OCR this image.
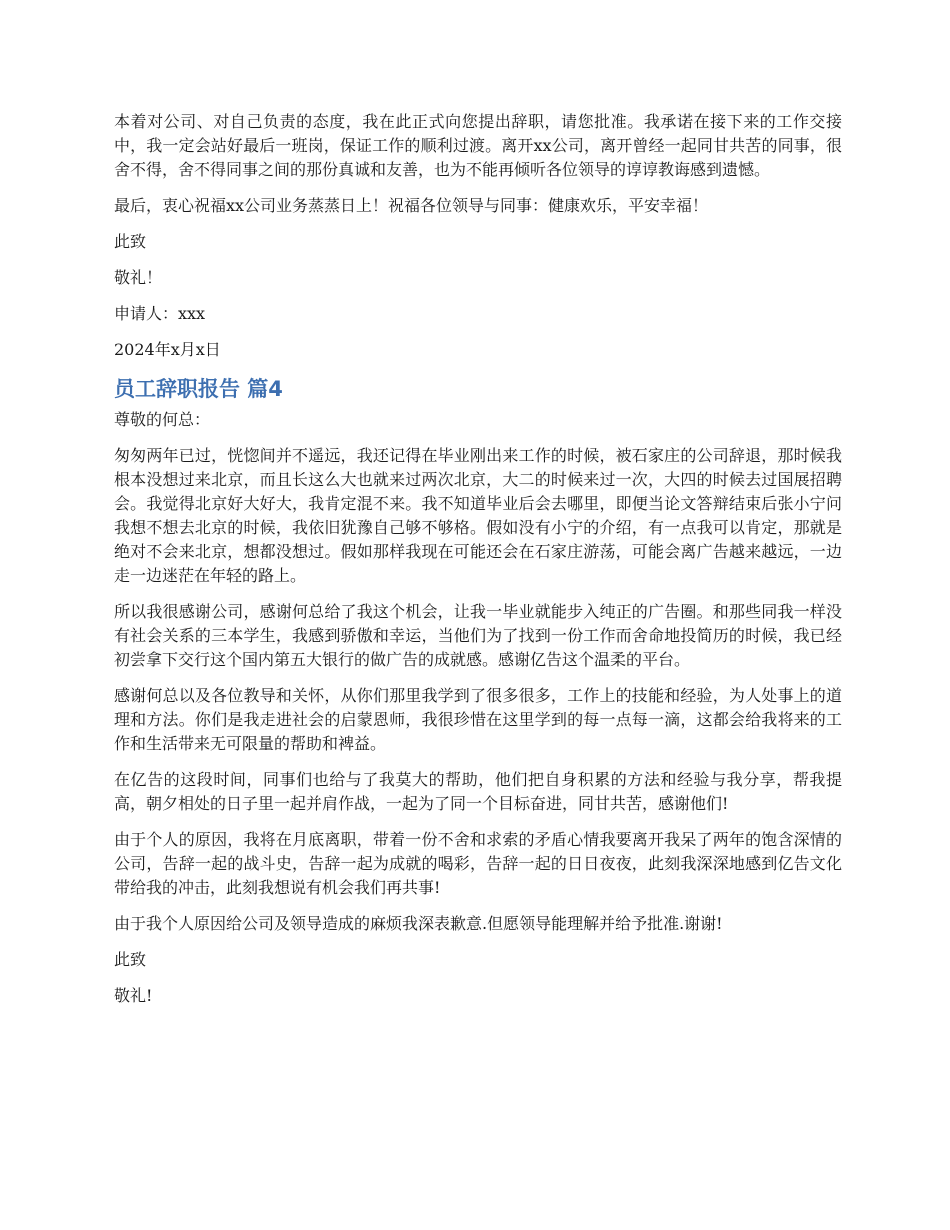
本着对公司、对自己负责的态度，我在此正式向您提出辞职，请您批准。我承诺在接下来的工作交接中，我一定会站好最后一班岗，保证工作的顺利过渡。离开xx公司，离开曾经一起同甘共苦的同事，很舍不得，舍不得同事之间的那份真诚和友善，也为不能再倾听各位领导的谆谆教诲感到遗憾。

最后，衷心祝福xx公司业务蒸蒸日上！祝福各位领导与同事：健康欢乐，平安幸福！

此致

敬礼！

申请人：xxx

2024年x月x日

员工辞职报告 篇4

尊敬的何总：

匆匆两年已过，恍惚间并不遥远，我还记得在毕业刚出来工作的时候，被石家庄的公司辞退，那时候我根本没想过来北京，而且长这么大也就来过两次北京，大二的时候来过一次，大四的时候去过国展招聘会。我觉得北京好大好大，我肯定混不来。我不知道毕业后会去哪里，即便当论文答辩结束后张小宁问我想不想去北京的时候，我依旧犹豫自己够不够格。假如没有小宁的介绍，有一点我可以肯定，那就是绝对不会来北京，想都没想过。假如那样我现在可能还会在石家庄游荡，可能会离广告越来越远，一边走一边迷茫在年轻的路上。

所以我很感谢公司，感谢何总给了我这个机会，让我一毕业就能步入纯正的广告圈。和那些同我一样没有社会关系的三本学生，我感到骄傲和幸运，当他们为了找到一份工作而舍命地投简历的时候，我已经初尝拿下交行这个国内第五大银行的做广告的成就感。感谢亿告这个温柔的平台。

感谢何总以及各位教导和关怀，从你们那里我学到了很多很多，工作上的技能和经验，为人处事上的道理和方法。你们是我走进社会的启蒙恩师，我很珍惜在这里学到的每一点每一滴，这都会给我将来的工作和生活带来无可限量的帮助和裨益。

在亿告的这段时间，同事们也给与了我莫大的帮助，他们把自身积累的方法和经验与我分享，帮我提高，朝夕相处的日子里一起并肩作战，一起为了同一个目标奋进，同甘共苦，感谢他们!

由于个人的原因，我将在月底离职，带着一份不舍和求索的矛盾心情我要离开我呆了两年的饱含深情的公司，告辞一起的战斗史，告辞一起为成就的喝彩，告辞一起的日日夜夜，此刻我深深地感到亿告文化带给我的冲击，此刻我想说有机会我们再共事!

由于我个人原因给公司及领导造成的麻烦我深表歉意.但愿领导能理解并给予批准.谢谢!

此致

敬礼!
